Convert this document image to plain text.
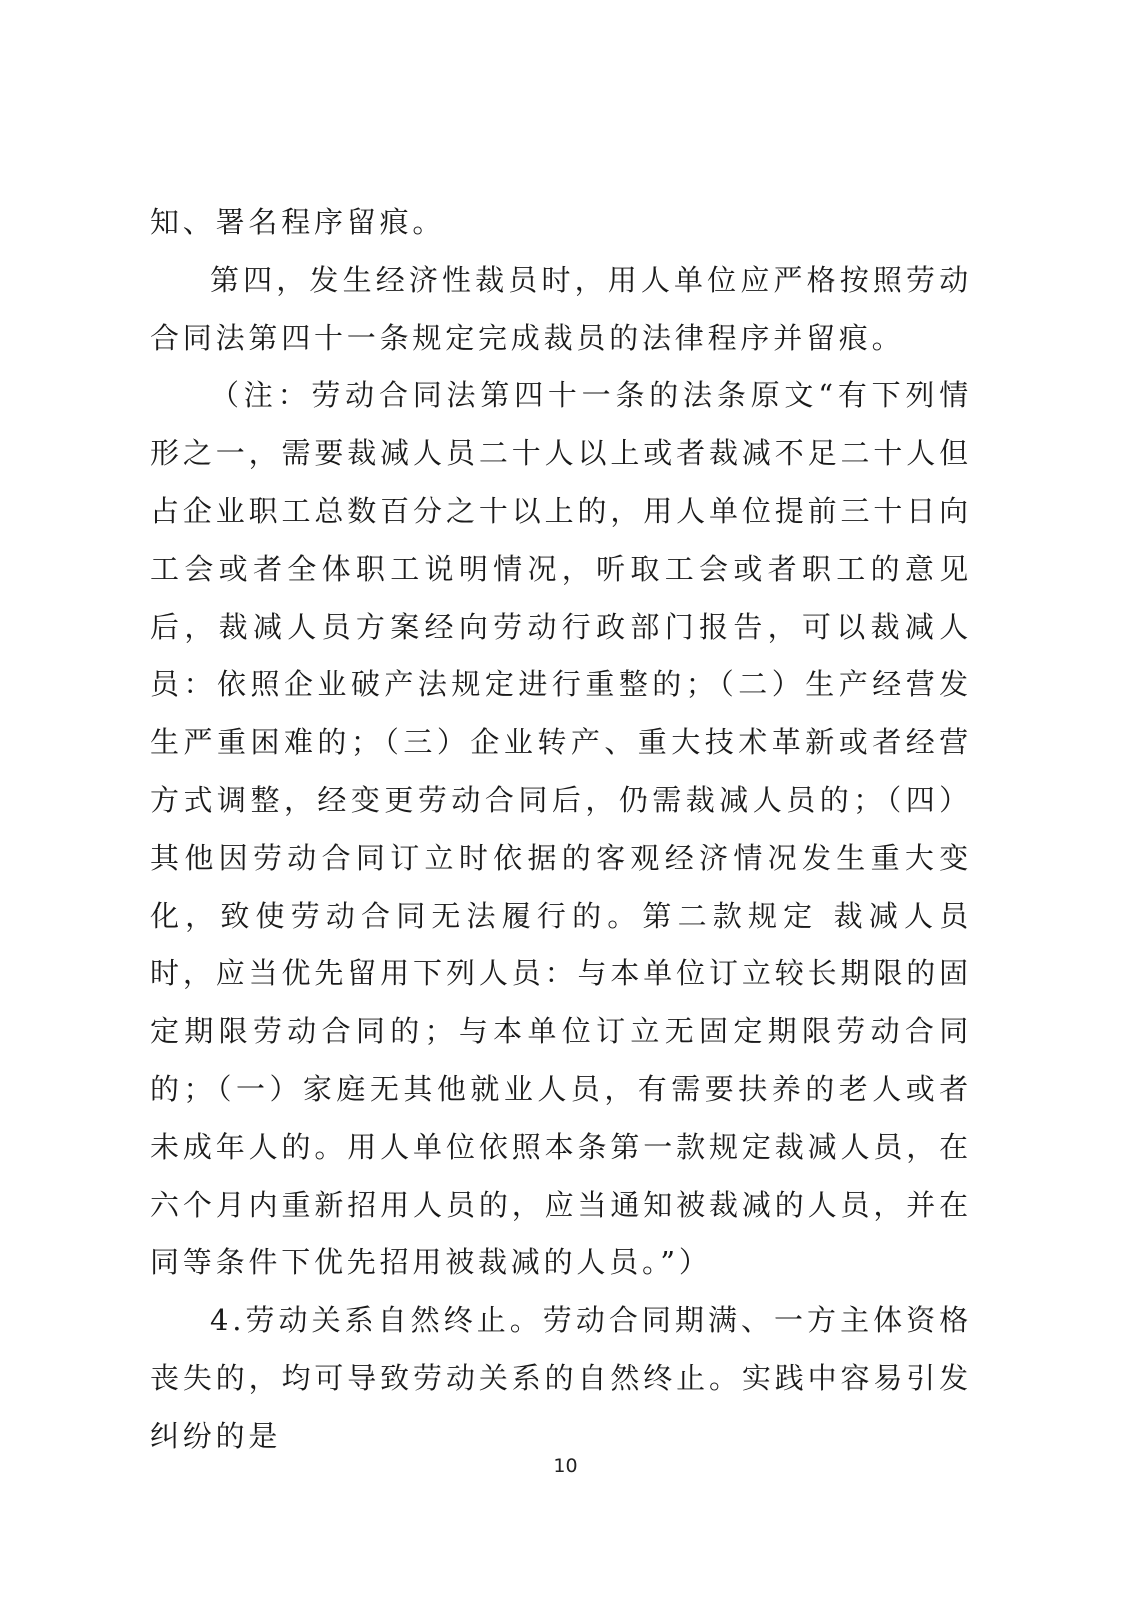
知、署名程序留痕。

第四，发生经济性裁员时，用人单位应严格按照劳动合同法第四十一条规定完成裁员的法律程序并留痕。

（注：劳动合同法第四十一条的法条原文“有下列情形之一，需要裁减人员二十人以上或者裁减不足二十人但占企业职工总数百分之十以上的，用人单位提前三十日向工会或者全体职工说明情况，听取工会或者职工的意见后，裁减人员方案经向劳动行政部门报告，可以裁减人员：依照企业破产法规定进行重整的；（二）生产经营发生严重困难的；（三）企业转产、重大技术革新或者经营方式调整，经变更劳动合同后，仍需裁减人员的；（四）其他因劳动合同订立时依据的客观经济情况发生重大变化，致使劳动合同无法履行的。第二款规定 裁减人员时，应当优先留用下列人员：与本单位订立较长期限的固定期限劳动合同的；与本单位订立无固定期限劳动合同的；（一）家庭无其他就业人员，有需要扶养的老人或者未成年人的。用人单位依照本条第一款规定裁减人员，在六个月内重新招用人员的，应当通知被裁减的人员，并在同等条件下优先招用被裁减的人员。”）

4.劳动关系自然终止。劳动合同期满、一方主体资格丧失的，均可导致劳动关系的自然终止。实践中容易引发纠纷的是

10
